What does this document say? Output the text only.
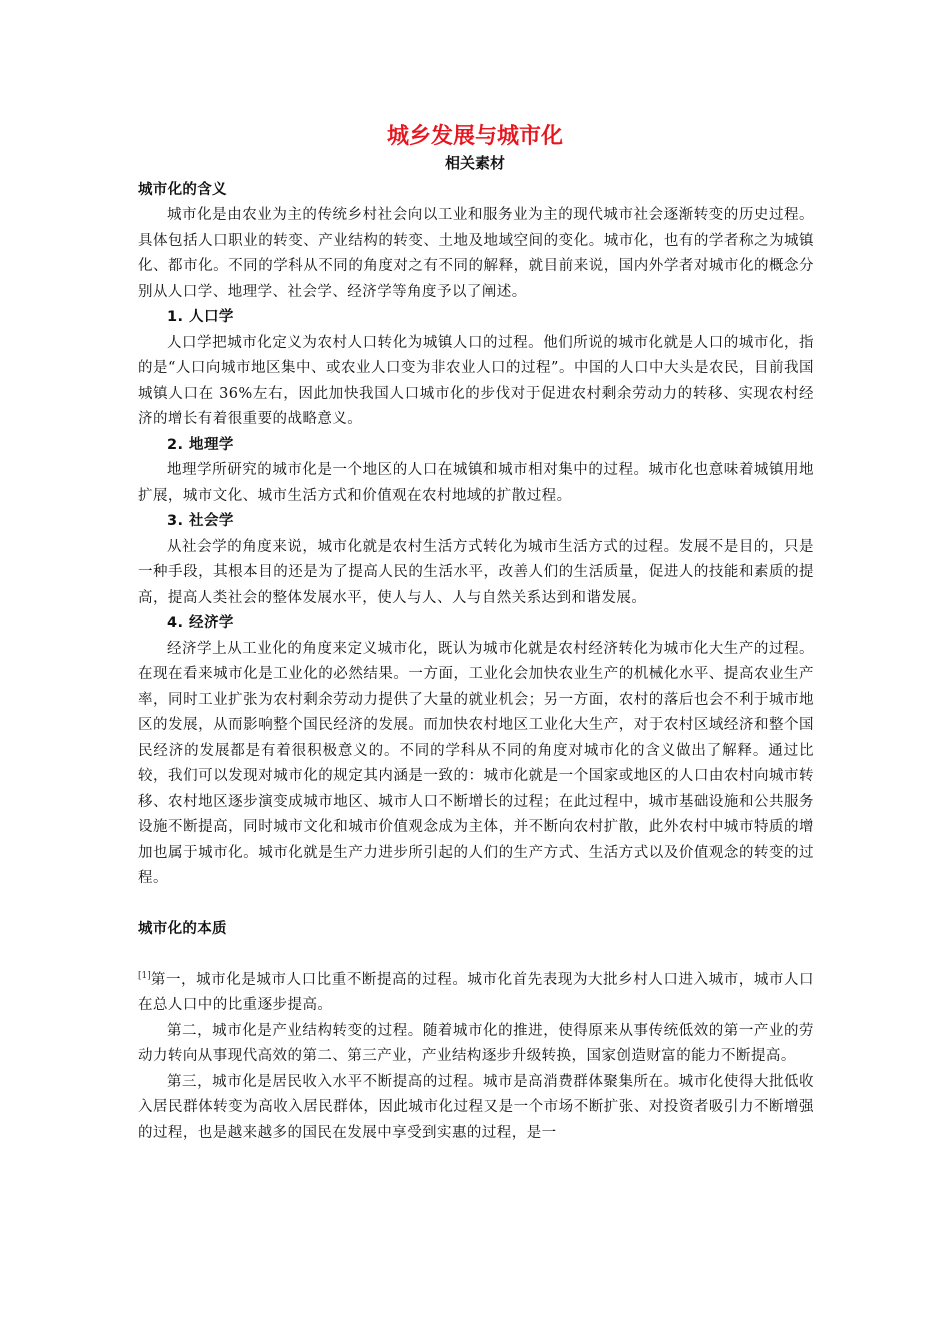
城乡发展与城市化
相关素材
城市化的含义

城市化是由农业为主的传统乡村社会向以工业和服务业为主的现代城市社会逐渐转变的历史过程。具体包括人口职业的转变、产业结构的转变、土地及地域空间的变化。城市化，也有的学者称之为城镇化、都市化。不同的学科从不同的角度对之有不同的解释，就目前来说，国内外学者对城市化的概念分别从人口学、地理学、社会学、经济学等角度予以了阐述。

1. 人口学

人口学把城市化定义为农村人口转化为城镇人口的过程。他们所说的城市化就是人口的城市化，指的是“人口向城市地区集中、或农业人口变为非农业人口的过程”。中国的人口中大头是农民，目前我国城镇人口在 36%左右，因此加快我国人口城市化的步伐对于促进农村剩余劳动力的转移、实现农村经济的增长有着很重要的战略意义。

2. 地理学

地理学所研究的城市化是一个地区的人口在城镇和城市相对集中的过程。城市化也意味着城镇用地扩展，城市文化、城市生活方式和价值观在农村地域的扩散过程。

3. 社会学

从社会学的角度来说，城市化就是农村生活方式转化为城市生活方式的过程。发展不是目的，只是一种手段，其根本目的还是为了提高人民的生活水平，改善人们的生活质量，促进人的技能和素质的提高，提高人类社会的整体发展水平，使人与人、人与自然关系达到和谐发展。

4. 经济学

经济学上从工业化的角度来定义城市化，既认为城市化就是农村经济转化为城市化大生产的过程。在现在看来城市化是工业化的必然结果。一方面，工业化会加快农业生产的机械化水平、提高农业生产率，同时工业扩张为农村剩余劳动力提供了大量的就业机会；另一方面，农村的落后也会不利于城市地区的发展，从而影响整个国民经济的发展。而加快农村地区工业化大生产，对于农村区域经济和整个国民经济的发展都是有着很积极意义的。不同的学科从不同的角度对城市化的含义做出了解释。通过比较，我们可以发现对城市化的规定其内涵是一致的：城市化就是一个国家或地区的人口由农村向城市转移、农村地区逐步演变成城市地区、城市人口不断增长的过程；在此过程中，城市基础设施和公共服务设施不断提高，同时城市文化和城市价值观念成为主体，并不断向农村扩散，此外农村中城市特质的增加也属于城市化。城市化就是生产力进步所引起的人们的生产方式、生活方式以及价值观念的转变的过程。

城市化的本质

[1]第一，城市化是城市人口比重不断提高的过程。城市化首先表现为大批乡村人口进入城市，城市人口在总人口中的比重逐步提高。

第二，城市化是产业结构转变的过程。随着城市化的推进，使得原来从事传统低效的第一产业的劳动力转向从事现代高效的第二、第三产业，产业结构逐步升级转换，国家创造财富的能力不断提高。

第三，城市化是居民收入水平不断提高的过程。城市是高消费群体聚集所在。城市化使得大批低收入居民群体转变为高收入居民群体，因此城市化过程又是一个市场不断扩张、对投资者吸引力不断增强的过程，也是越来越多的国民在发展中享受到实惠的过程，是一
